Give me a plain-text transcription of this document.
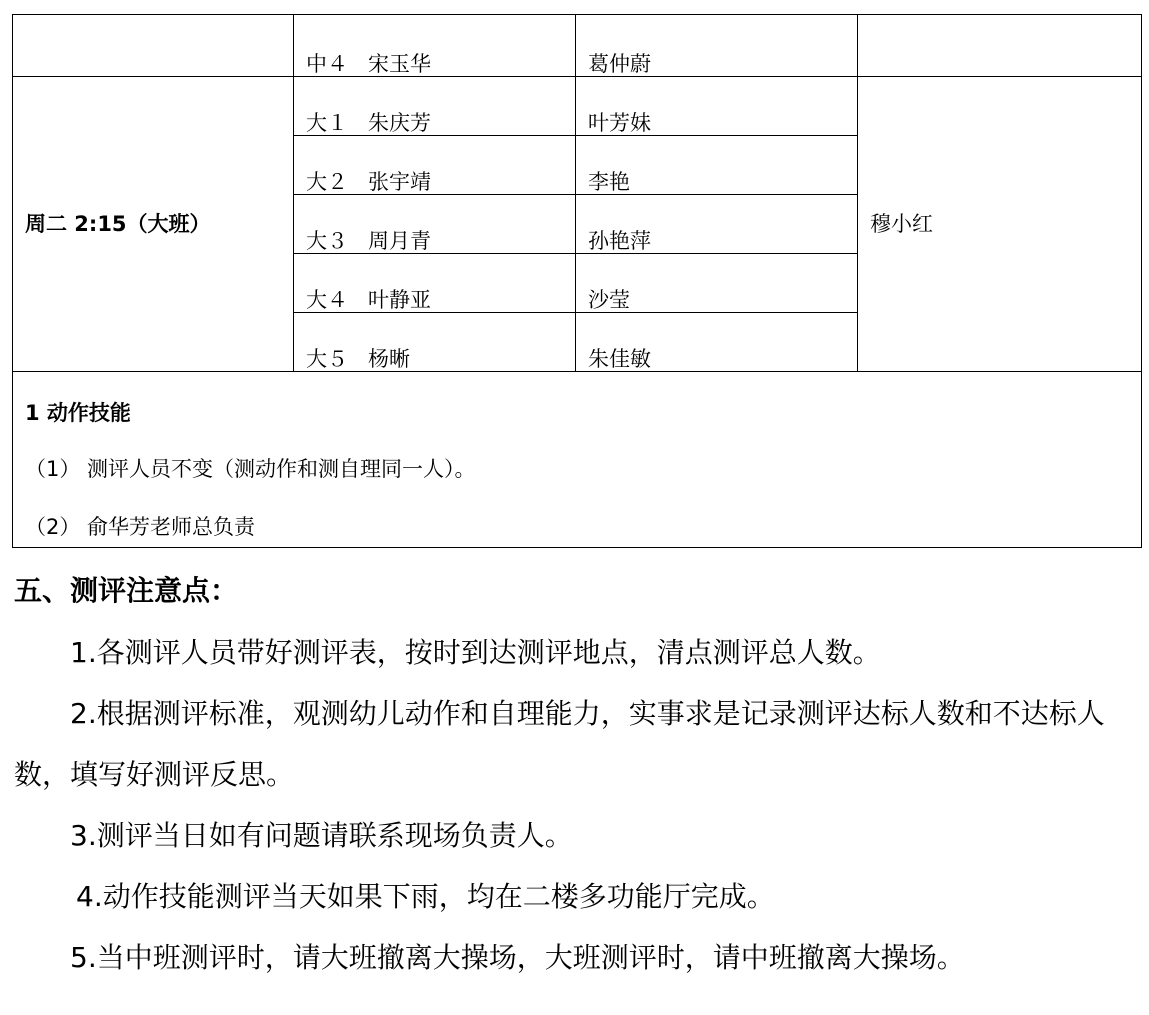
	中４ 宋玉华	葛仲蔚	
周二 2:15（大班）	大１ 朱庆芳	叶芳妹	穆小红
	大２ 张宇靖	李艳	
	大３ 周月青	孙艳萍	
	大４ 叶静亚	沙莹	
	大５ 杨晰	朱佳敏	

1 动作技能
（1） 测评人员不变（测动作和测自理同一人）。
（2） 俞华芳老师总负责			
五、测评注意点：

1.各测评人员带好测评表，按时到达测评地点，清点测评总人数。

2.根据测评标准，观测幼儿动作和自理能力，实事求是记录测评达标人数和不达标人数，填写好测评反思。

3.测评当日如有问题请联系现场负责人。

4.动作技能测评当天如果下雨，均在二楼多功能厅完成。

5.当中班测评时，请大班撤离大操场，大班测评时，请中班撤离大操场。
